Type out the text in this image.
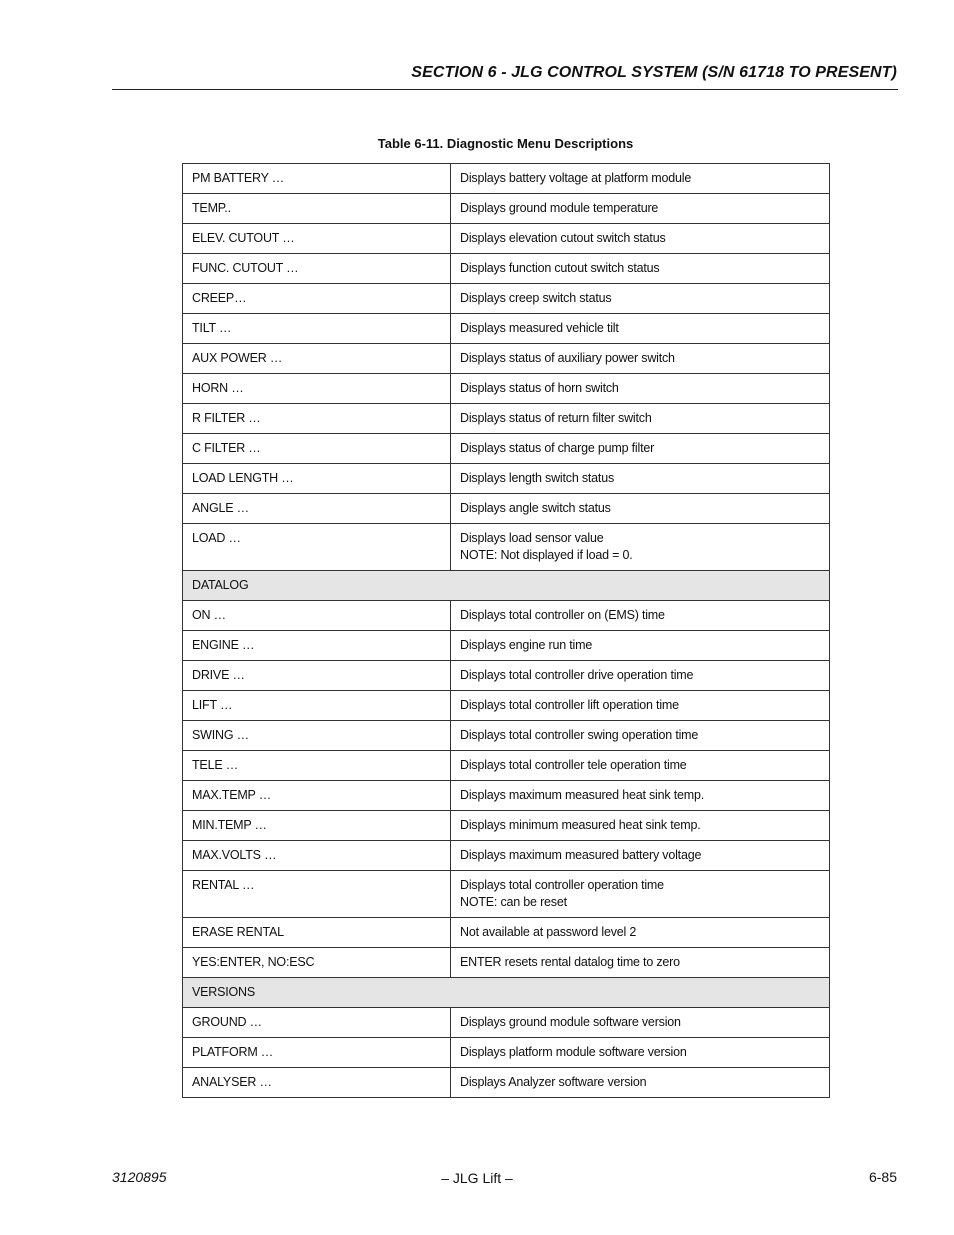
SECTION 6 - JLG CONTROL SYSTEM (S/N 61718 TO PRESENT)
Table 6-11. Diagnostic Menu Descriptions
PM BATTERY …	Displays battery voltage at platform module
TEMP..	Displays ground module temperature
ELEV. CUTOUT …	Displays elevation cutout switch status
FUNC. CUTOUT …	Displays function cutout switch status
CREEP…	Displays creep switch status
TILT …	Displays measured vehicle tilt
AUX POWER …	Displays status of auxiliary power switch
HORN …	Displays status of horn switch
R FILTER …	Displays status of return filter switch
C FILTER …	Displays status of charge pump filter
LOAD LENGTH …	Displays length switch status
ANGLE …	Displays angle switch status
LOAD …	Displays load sensor value
NOTE: Not displayed if load = 0.
DATALOG	
ON …	Displays total controller on (EMS) time
ENGINE …	Displays engine run time
DRIVE …	Displays total controller drive operation time
LIFT …	Displays total controller lift operation time
SWING …	Displays total controller swing operation time
TELE …	Displays total controller tele operation time
MAX.TEMP …	Displays maximum measured heat sink temp.
MIN.TEMP …	Displays minimum measured heat sink temp.
MAX.VOLTS …	Displays maximum measured battery voltage
RENTAL …	Displays total controller operation time
NOTE: can be reset
ERASE RENTAL	Not available at password level 2
YES:ENTER, NO:ESC	ENTER resets rental datalog time to zero
VERSIONS	
GROUND …	Displays ground module software version
PLATFORM …	Displays platform module software version
ANALYSER …	Displays Analyzer software version
3120895	– JLG Lift –	6-85
